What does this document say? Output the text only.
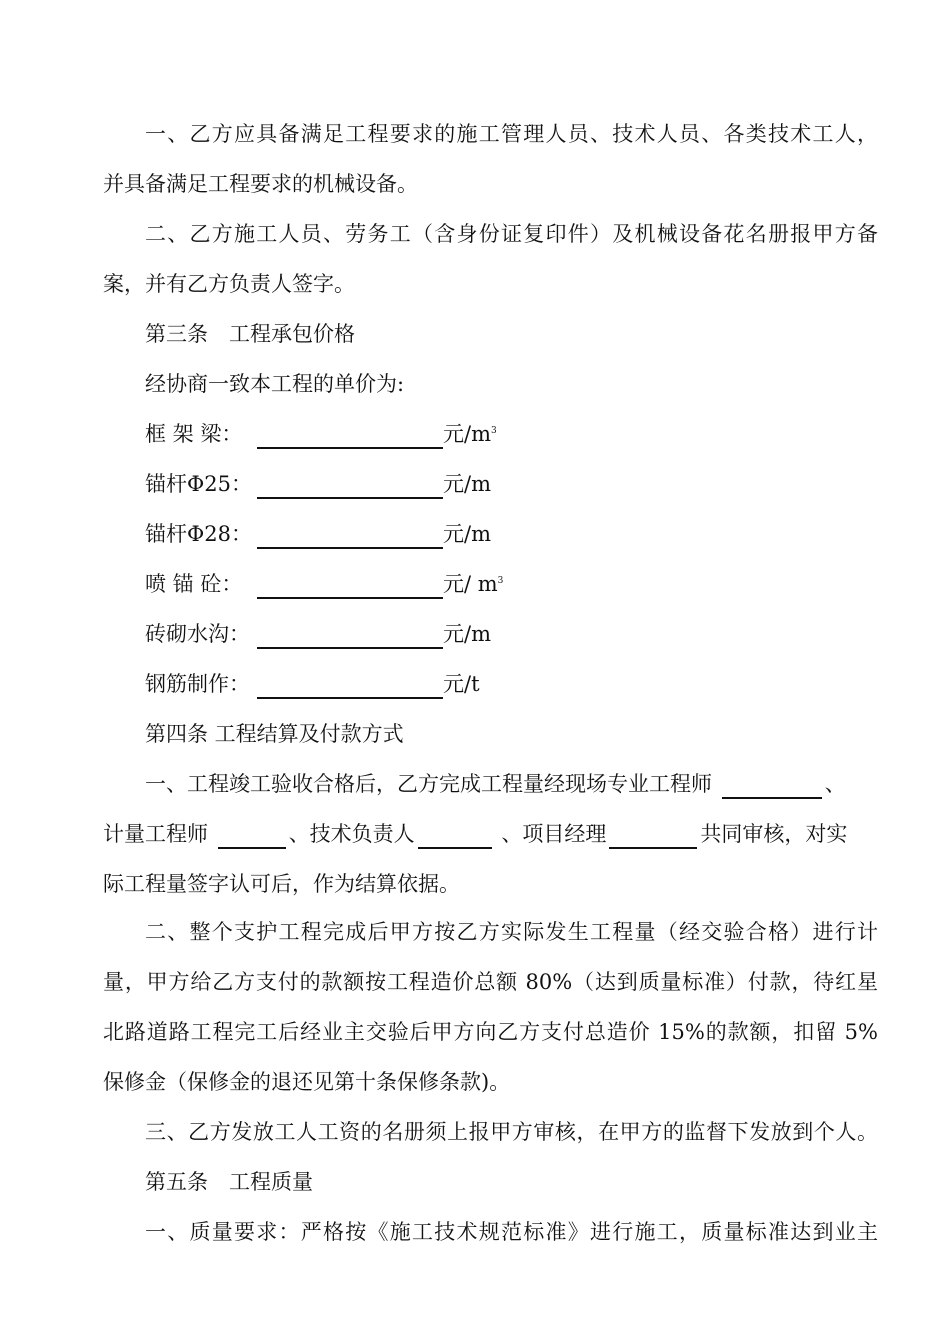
一、乙方应具备满足工程要求的施工管理人员、技术人员、各类技术工人，
并具备满足工程要求的机械设备。
二、乙方施工人员、劳务工（含身份证复印件）及机械设备花名册报甲方备
案，并有乙方负责人签字。
第三条　工程承包价格
经协商一致本工程的单价为:
框 架 梁：	元$/m^3$
锚杆Φ25：	元/m
锚杆Φ28：	元/m
喷 锚 砼：	元/ $m^3$
砖砌水沟：	元/m
钢筋制作：	元/t
第四条 工程结算及付款方式
一、工程竣工验收合格后，乙方完成工程量经现场专业工程师	、
计量工程师	、技术负责人	、项目经理	共同审核，对实
际工程量签字认可后，作为结算依据。
二、整个支护工程完成后甲方按乙方实际发生工程量（经交验合格）进行计
量，甲方给乙方支付的款额按工程造价总额 80%（达到质量标准）付款，待红星
北路道路工程完工后经业主交验后甲方向乙方支付总造价 15%的款额，扣留 5%
保修金（保修金的退还见第十条保修条款)。
三、乙方发放工人工资的名册须上报甲方审核，在甲方的监督下发放到个人。
第五条　工程质量
一、质量要求：严格按《施工技术规范标准》进行施工，质量标准达到业主
